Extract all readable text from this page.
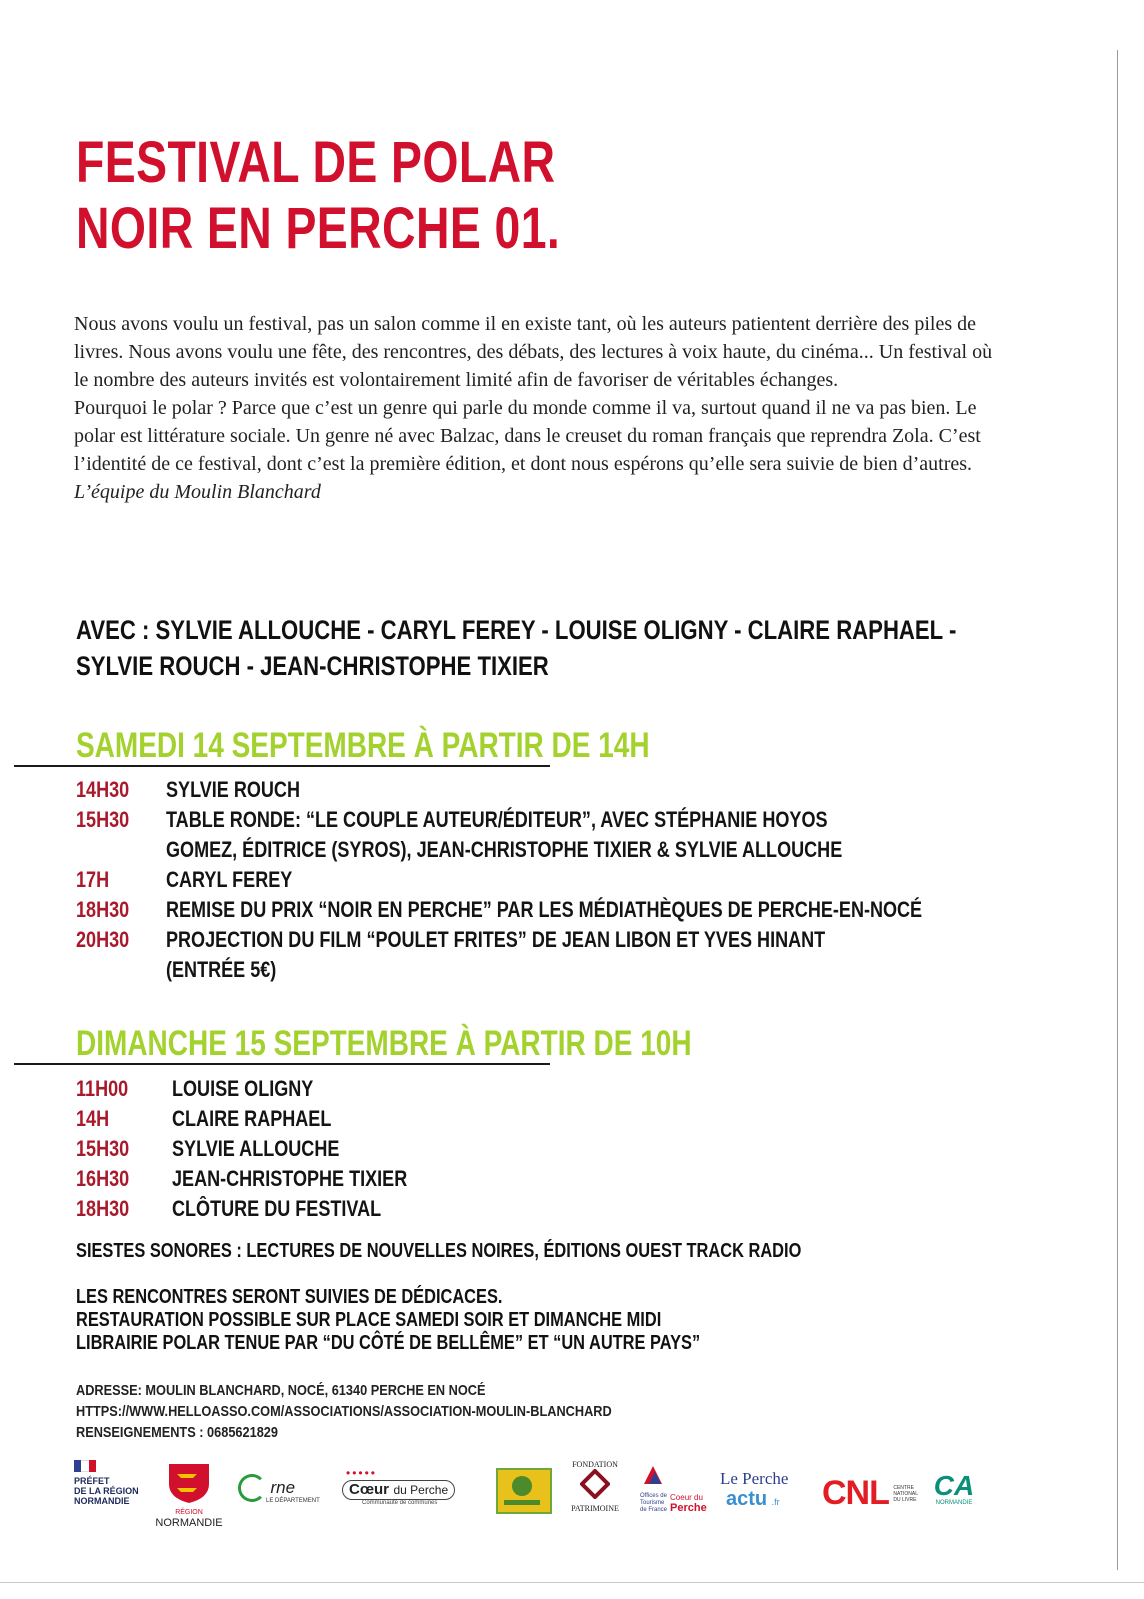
FESTIVAL DE POLAR
NOIR EN PERCHE 01.

Nous avons voulu un festival, pas un salon comme il en existe tant, où les auteurs patientent derrière des piles de livres. Nous avons voulu une fête, des rencontres, des débats, des lectures à voix haute, du cinéma... Un festival où le nombre des auteurs invités est volontairement limité afin de favoriser de véritables échanges.

Pourquoi le polar ? Parce que c’est un genre qui parle du monde comme il va, surtout quand il ne va pas bien. Le polar est littérature sociale. Un genre né avec Balzac, dans le creuset du roman français que reprendra Zola. C’est l’identité de ce festival, dont c’est la première édition, et dont nous espérons qu’elle sera suivie de bien d’autres.

L’équipe du Moulin Blanchard

AVEC : SYLVIE ALLOUCHE - CARYL FEREY - LOUISE OLIGNY - CLAIRE RAPHAEL -
SYLVIE ROUCH - JEAN-CHRISTOPHE TIXIER
SAMEDI 14 SEPTEMBRE À PARTIR DE 14H
14H30 SYLVIE ROUCH
15H30 TABLE RONDE: “LE COUPLE AUTEUR/ÉDITEUR”, AVEC STÉPHANIE HOYOS
GOMEZ, ÉDITRICE (SYROS), JEAN-CHRISTOPHE TIXIER & SYLVIE ALLOUCHE
17H	CARYL FEREY
18H30 REMISE DU PRIX “NOIR EN PERCHE” PAR LES MÉDIATHÈQUES DE PERCHE-EN-NOCÉ
20H30 PROJECTION DU FILM “POULET FRITES” DE JEAN LIBON ET YVES HINANT
(ENTRÉE 5€)
DIMANCHE 15 SEPTEMBRE À PARTIR DE 10H
11H00 LOUISE OLIGNY
14H	CLAIRE RAPHAEL
15H30 SYLVIE ALLOUCHE
16H30 JEAN-CHRISTOPHE TIXIER
18H30 CLÔTURE DU FESTIVAL

SIESTES SONORES : LECTURES DE NOUVELLES NOIRES, ÉDITIONS OUEST TRACK RADIO

LES RENCONTRES SERONT SUIVIES DE DÉDICACES.
RESTAURATION POSSIBLE SUR PLACE SAMEDI SOIR ET DIMANCHE MIDI
LIBRAIRIE POLAR TENUE PAR “DU CÔTÉ DE BELLÊME” ET “UN AUTRE PAYS”

ADRESSE: MOULIN BLANCHARD, NOCÉ, 61340 PERCHE EN NOCÉ
HTTPS://WWW.HELLOASSO.COM/ASSOCIATIONS/ASSOCIATION-MOULIN-BLANCHARD
RENSEIGNEMENTS : 0685621829

PRÉFET
DE LA RÉGION
NORMANDIE
RÉGION
NORMANDIE
rne
LE DÉPARTEMENT
•••••
Cœur du Perche
Communauté de communes
FONDATION
PATRIMOINE
Offices de
Tourisme
de France
Coeur du
Perche
Le Perche
actu .fr	CNL CENTRE
NATIONAL
DU LIVRE CA
NORMANDIE
